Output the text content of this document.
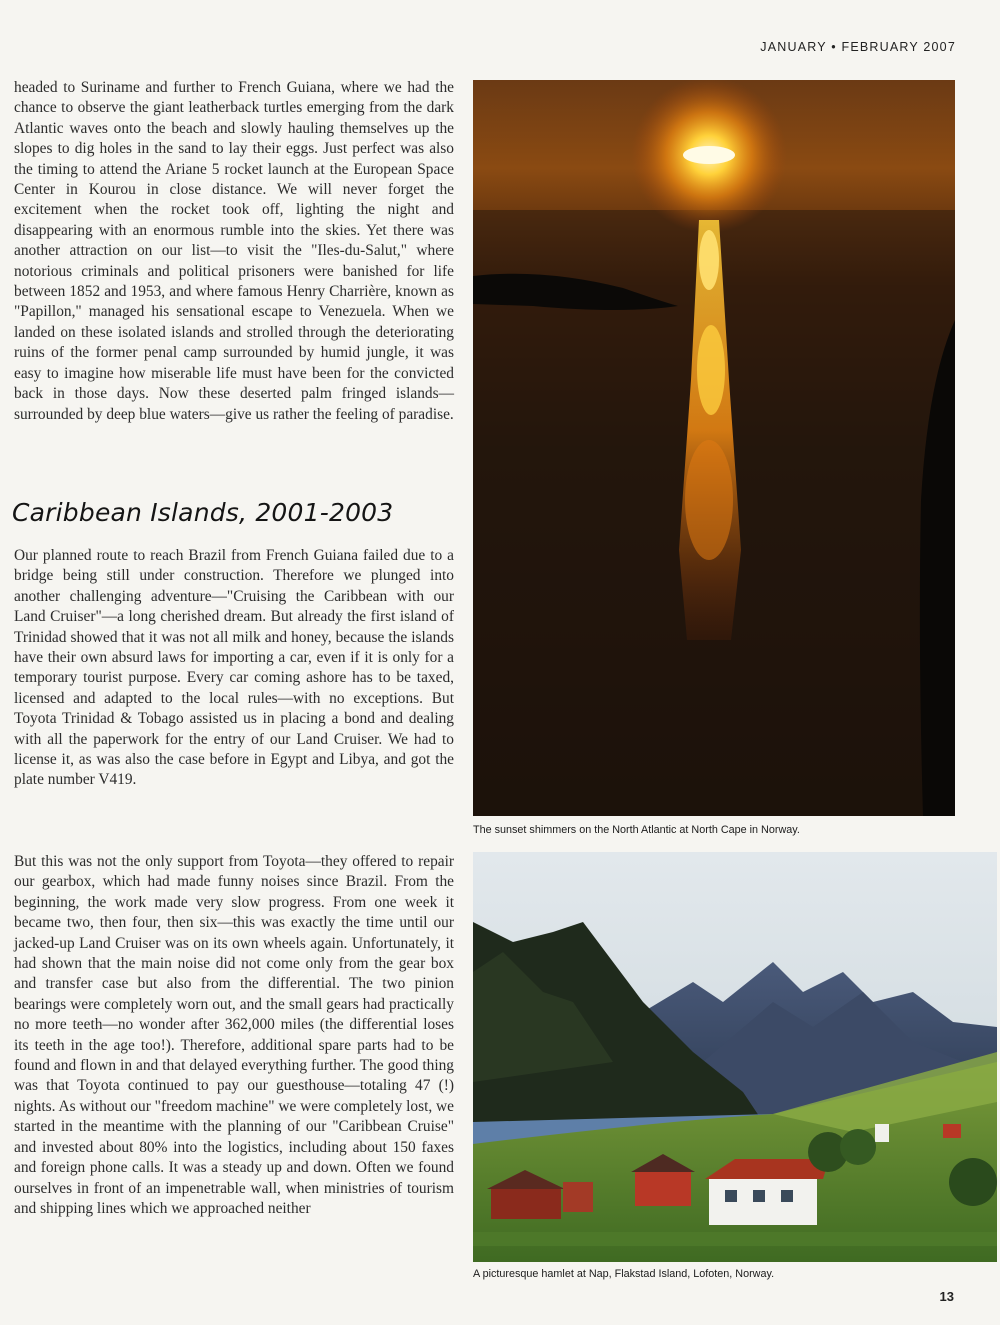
JANUARY • FEBRUARY 2007

headed to Suriname and further to French Guiana, where we had the chance to observe the giant leatherback turtles emerging from the dark Atlantic waves onto the beach and slowly hauling themselves up the slopes to dig holes in the sand to lay their eggs. Just perfect was also the timing to attend the Ariane 5 rocket launch at the European Space Center in Kourou in close distance. We will never forget the excitement when the rocket took off, lighting the night and disappearing with an enormous rumble into the skies. Yet there was another attraction on our list—to visit the "Iles-du-Salut," where notorious criminals and political prisoners were banished for life between 1852 and 1953, and where famous Henry Charrière, known as "Papillon," managed his sensational escape to Venezuela. When we landed on these isolated islands and strolled through the deteriorating ruins of the former penal camp surrounded by humid jungle, it was easy to imagine how miserable life must have been for the convicted back in those days. Now these deserted palm fringed islands—surrounded by deep blue waters—give us rather the feeling of paradise.

Caribbean Islands, 2001-2003

Our planned route to reach Brazil from French Guiana failed due to a bridge being still under construction. Therefore we plunged into another challenging adventure—"Cruising the Caribbean with our Land Cruiser"—a long cherished dream. But already the first island of Trinidad showed that it was not all milk and honey, because the islands have their own absurd laws for importing a car, even if it is only for a temporary tourist purpose. Every car coming ashore has to be taxed, licensed and adapted to the local rules—with no exceptions. But Toyota Trinidad & Tobago assisted us in placing a bond and dealing with all the paperwork for the entry of our Land Cruiser. We had to license it, as was also the case before in Egypt and Libya, and got the plate number V419.

But this was not the only support from Toyota—they offered to repair our gearbox, which had made funny noises since Brazil. From the beginning, the work made very slow progress. From one week it became two, then four, then six—this was exactly the time until our jacked-up Land Cruiser was on its own wheels again. Unfortunately, it had shown that the main noise did not come only from the gear box and transfer case but also from the differential. The two pinion bearings were completely worn out, and the small gears had practically no more teeth—no wonder after 362,000 miles (the differential loses its teeth in the age too!). Therefore, additional spare parts had to be found and flown in and that delayed everything further. The good thing was that Toyota continued to pay our guesthouse—totaling 47 (!) nights. As without our "freedom machine" we were completely lost, we started in the meantime with the planning of our "Caribbean Cruise" and invested about 80% into the logistics, including about 150 faxes and foreign phone calls. It was a steady up and down. Often we found ourselves in front of an impenetrable wall, when ministries of tourism and shipping lines which we approached neither

The sunset shimmers on the North Atlantic at North Cape in Norway.
A picturesque hamlet at Nap, Flakstad Island, Lofoten, Norway.
13
